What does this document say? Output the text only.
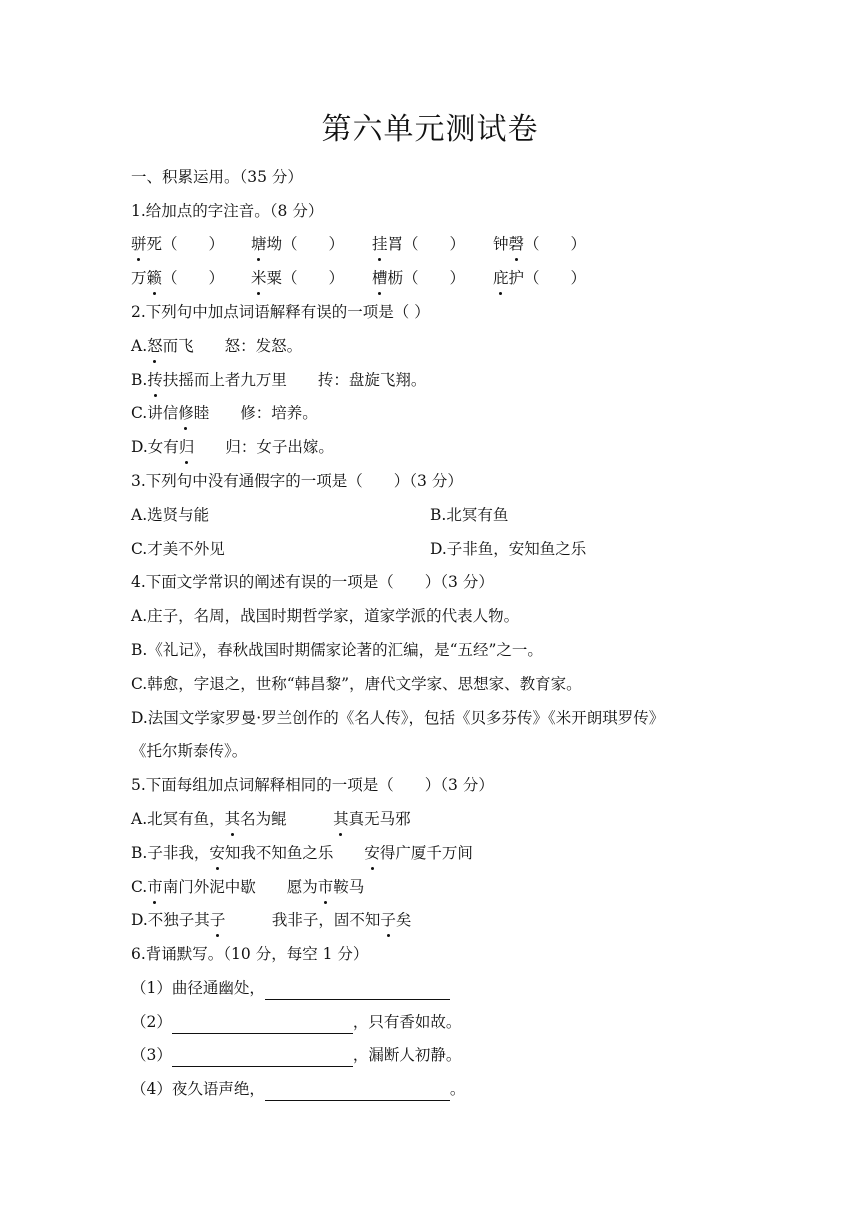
第六单元测试卷
一、积累运用。（35 分）
1.给加点的字注音。（8 分）
骈死（　　） 塘坳（　　） 挂罥（　　） 钟磬（　　）
万籁（　　） 米粟（　　） 槽枥（　　） 庇护（　　）
2.下列句中加点词语解释有误的一项是（ ）
A.怒而飞　　怒：发怒。
B.抟扶摇而上者九万里　　抟：盘旋飞翔。
C.讲信修睦　　修：培养。
D.女有归　　归：女子出嫁。
3.下列句中没有通假字的一项是（　　）（3 分）
A.选贤与能	B.北冥有鱼
C.才美不外见	D.子非鱼，安知鱼之乐
4.下面文学常识的阐述有误的一项是（　　）（3 分）
A.庄子，名周，战国时期哲学家，道家学派的代表人物。
B.《礼记》，春秋战国时期儒家论著的汇编，是“五经”之一。
C.韩愈，字退之，世称“韩昌黎”，唐代文学家、思想家、教育家。
D.法国文学家罗曼·罗兰创作的《名人传》，包括《贝多芬传》《米开朗琪罗传》
《托尔斯泰传》。
5.下面每组加点词解释相同的一项是（　　）（3 分）
A.北冥有鱼，其名为鲲　　　其真无马邪
B.子非我，安知我不知鱼之乐　　安得广厦千万间
C.市南门外泥中歇　　愿为市鞍马
D.不独子其子　　　我非子，固不知子矣
6.背诵默写。（10 分，每空 1 分）
（1）曲径通幽处，
（2）	，只有香如故。
（3）	，漏断人初静。
（4）夜久语声绝，	。
